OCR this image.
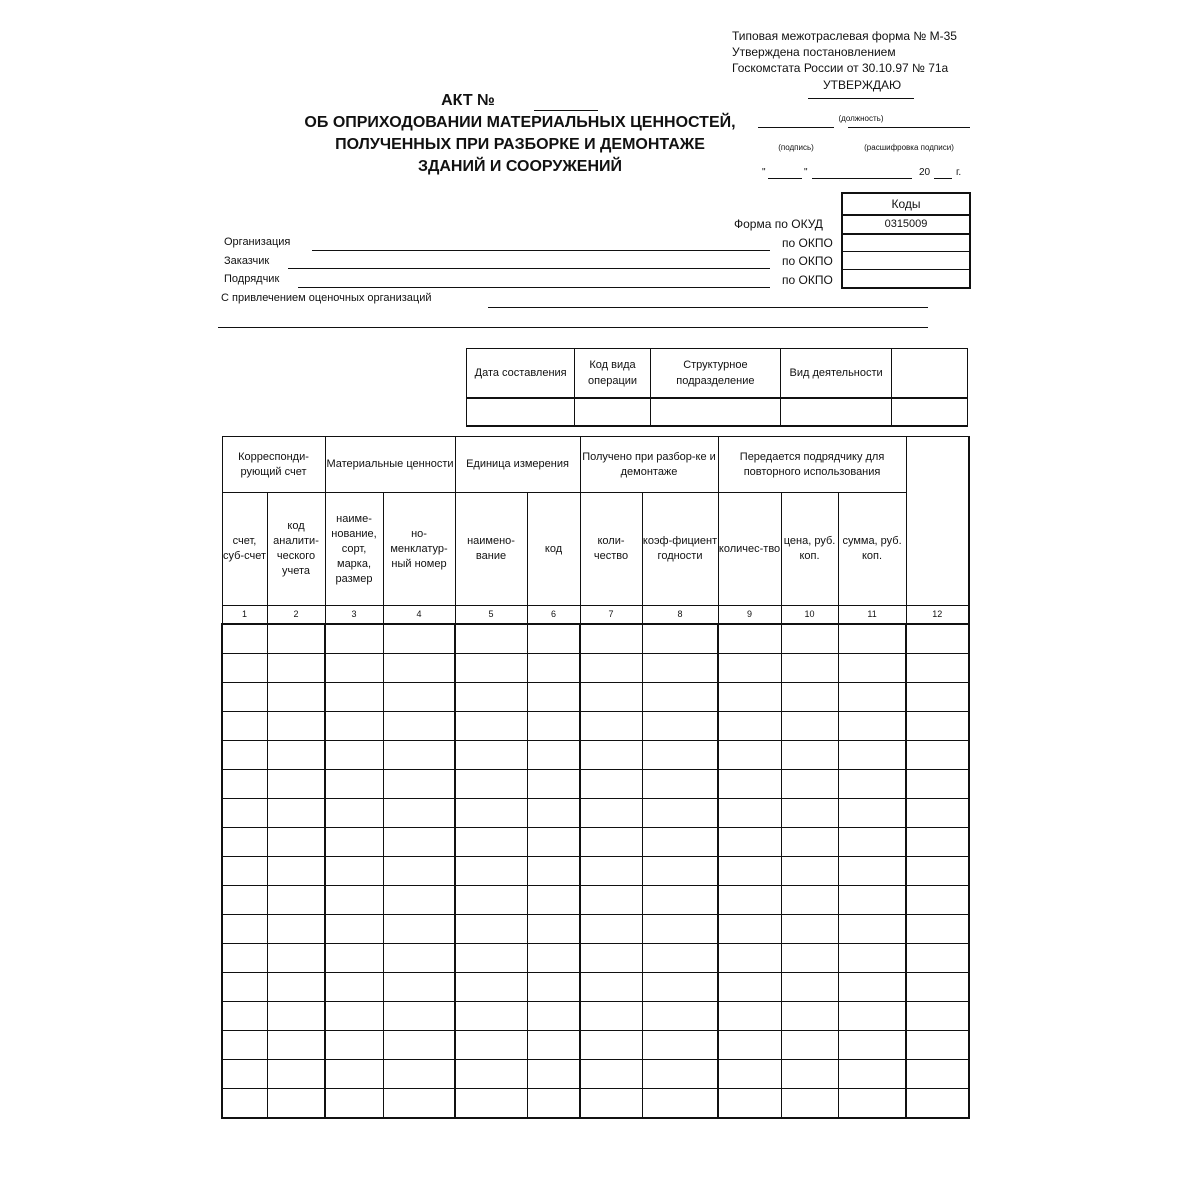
Типовая межотраслевая форма № М-35
Утверждена постановлением
Госкомстата России от 30.10.97 № 71а
УТВЕРЖДАЮ
(должность)
(подпись)	(расшифровка подписи)
"	"	20	г.
АКТ №
ОБ ОПРИХОДОВАНИИ МАТЕРИАЛЬНЫХ ЦЕННОСТЕЙ,
ПОЛУЧЕННЫХ ПРИ РАЗБОРКЕ И ДЕМОНТАЖЕ
ЗДАНИЙ И СООРУЖЕНИЙ
Коды
0315009
Форма по ОКУД
по ОКПО
по ОКПО
по ОКПО
Организация
Заказчик
Подрядчик
С привлечением оценочных организаций
Дата составления	Код вида операции	Структурное подразделение	Вид деятельности	

Корреспонди-рующий счет		Материальные ценности		Единица измерения		Получено при разбор-ке и демонтаже		Передается подрядчику для повторного использования			
счет, суб-счет	код аналити-ческого учета	наиме-нование, сорт, марка, размер	но-менклатур-ный номер	наимено-вание	код	коли-чество	коэф-фициент годности	количес-тво	цена, руб. коп.	сумма, руб. коп.	
1	2	3	4	5	6	7	8	9	10	11	12
